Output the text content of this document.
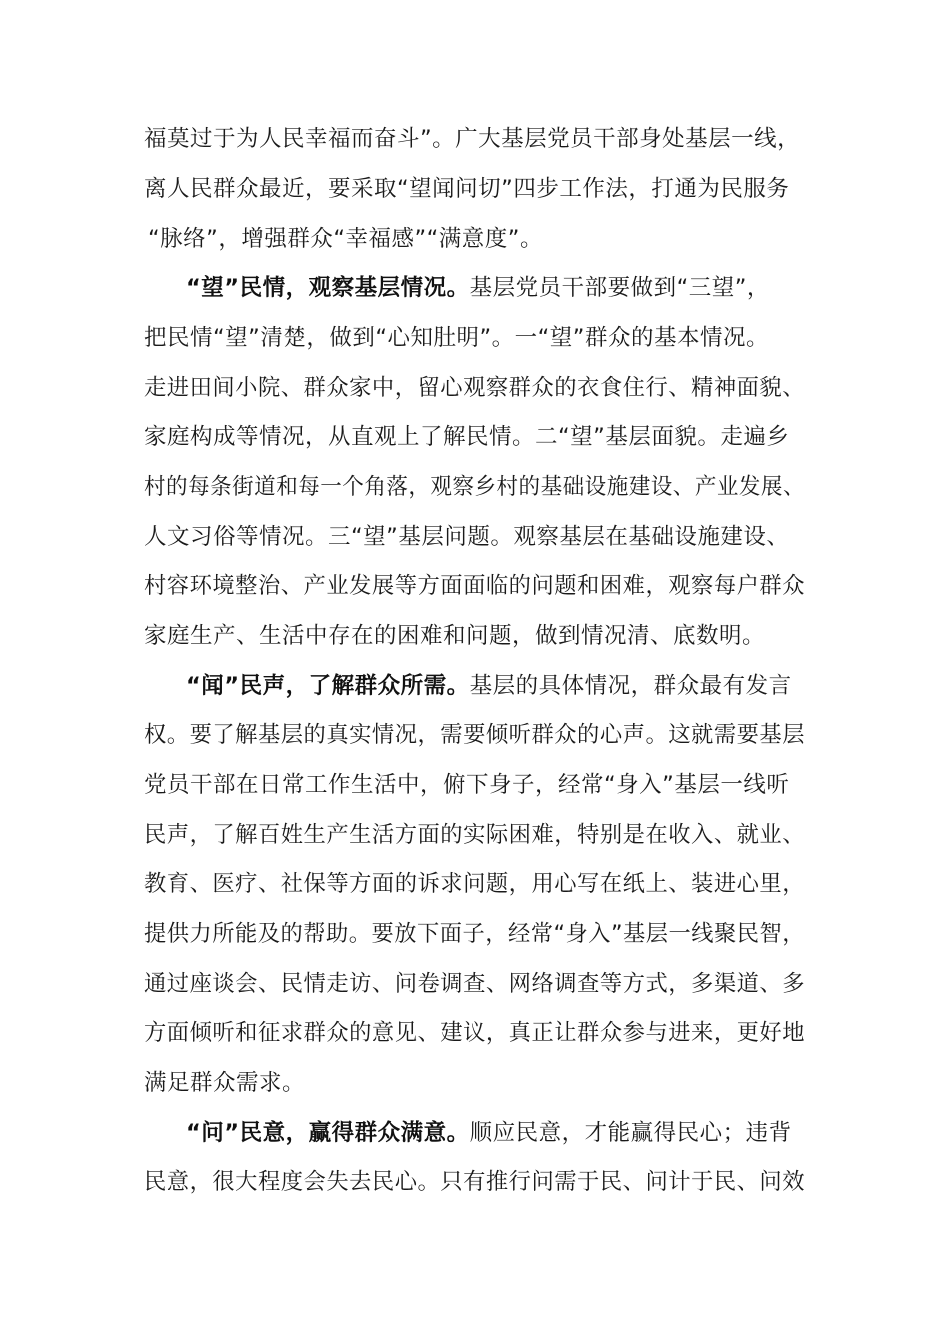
福莫过于为人民幸福而奋斗”。广大基层党员干部身处基层一线，

离人民群众最近，要采取“望闻问切”四步工作法，打通为民服务

“脉络”，增强群众“幸福感”“满意度”。

“望”民情，观察基层情况。基层党员干部要做到“三望”，

把民情“望”清楚，做到“心知肚明”。一“望”群众的基本情况。

走进田间小院、群众家中，留心观察群众的衣食住行、精神面貌、

家庭构成等情况，从直观上了解民情。二“望”基层面貌。走遍乡

村的每条街道和每一个角落，观察乡村的基础设施建设、产业发展、

人文习俗等情况。三“望”基层问题。观察基层在基础设施建设、

村容环境整治、产业发展等方面面临的问题和困难，观察每户群众

家庭生产、生活中存在的困难和问题，做到情况清、底数明。

“闻”民声，了解群众所需。基层的具体情况，群众最有发言

权。要了解基层的真实情况，需要倾听群众的心声。这就需要基层

党员干部在日常工作生活中，俯下身子，经常“身入”基层一线听

民声，了解百姓生产生活方面的实际困难，特别是在收入、就业、

教育、医疗、社保等方面的诉求问题，用心写在纸上、装进心里，

提供力所能及的帮助。要放下面子，经常“身入”基层一线聚民智，

通过座谈会、民情走访、问卷调查、网络调查等方式，多渠道、多

方面倾听和征求群众的意见、建议，真正让群众参与进来，更好地

满足群众需求。

“问”民意，赢得群众满意。顺应民意，才能赢得民心；违背

民意，很大程度会失去民心。只有推行问需于民、问计于民、问效
